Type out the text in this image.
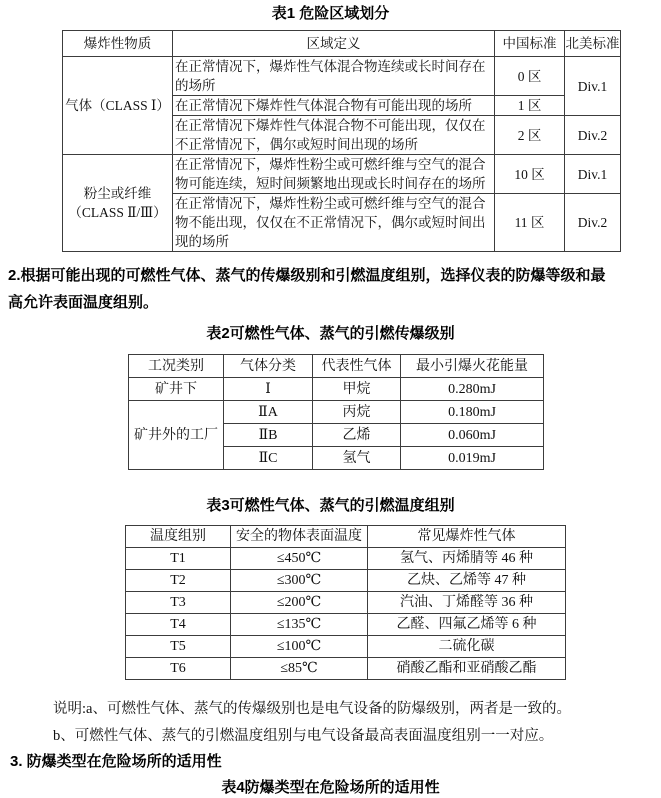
表1 危险区域划分
爆炸性物质	区域定义	中国标准	北美标准
气体（CLASS Ⅰ）	在正常情况下，爆炸性气体混合物连续或长时间存在的场所	0 区	Div.1
	在正常情况下爆炸性气体混合物有可能出现的场所	1 区	
	在正常情况下爆炸性气体混合物不可能出现，仅仅在不正常情况下，偶尔或短时间出现的场所	2 区	Div.2

粉尘或纤维
（CLASS Ⅱ/Ⅲ）	在正常情况下，爆炸性粉尘或可燃纤维与空气的混合物可能连续，短时间频繁地出现或长时间存在的场所	10 区	Div.1
	在正常情况下，爆炸性粉尘或可燃纤维与空气的混合物不能出现，仅仅在不正常情况下，偶尔或短时间出现的场所	11 区	Div.2
2.根据可能出现的可燃性气体、蒸气的传爆级别和引燃温度组别，选择仪表的防爆等级和最
高允许表面温度组别。
表2可燃性气体、蒸气的引燃传爆级别
工况类别	气体分类	代表性气体	最小引爆火花能量
矿井下	Ⅰ	甲烷	0.280mJ
矿井外的工厂	ⅡA	丙烷	0.180mJ
	ⅡB	乙烯	0.060mJ
	ⅡC	氢气	0.019mJ
表3可燃性气体、蒸气的引燃温度组别
温度组别	安全的物体表面温度	常见爆炸性气体
T1	≤450℃	氢气、丙烯腈等 46 种
T2	≤300℃	乙炔、乙烯等 47 种
T3	≤200℃	汽油、丁烯醛等 36 种
T4	≤135℃	乙醛、四氟乙烯等 6 种
T5	≤100℃	二硫化碳
T6	≤85℃	硝酸乙酯和亚硝酸乙酯
说明:a、可燃性气体、蒸气的传爆级别也是电气设备的防爆级别，两者是一致的。
b、可燃性气体、蒸气的引燃温度组别与电气设备最高表面温度组别一一对应。
3. 防爆类型在危险场所的适用性
表4防爆类型在危险场所的适用性
